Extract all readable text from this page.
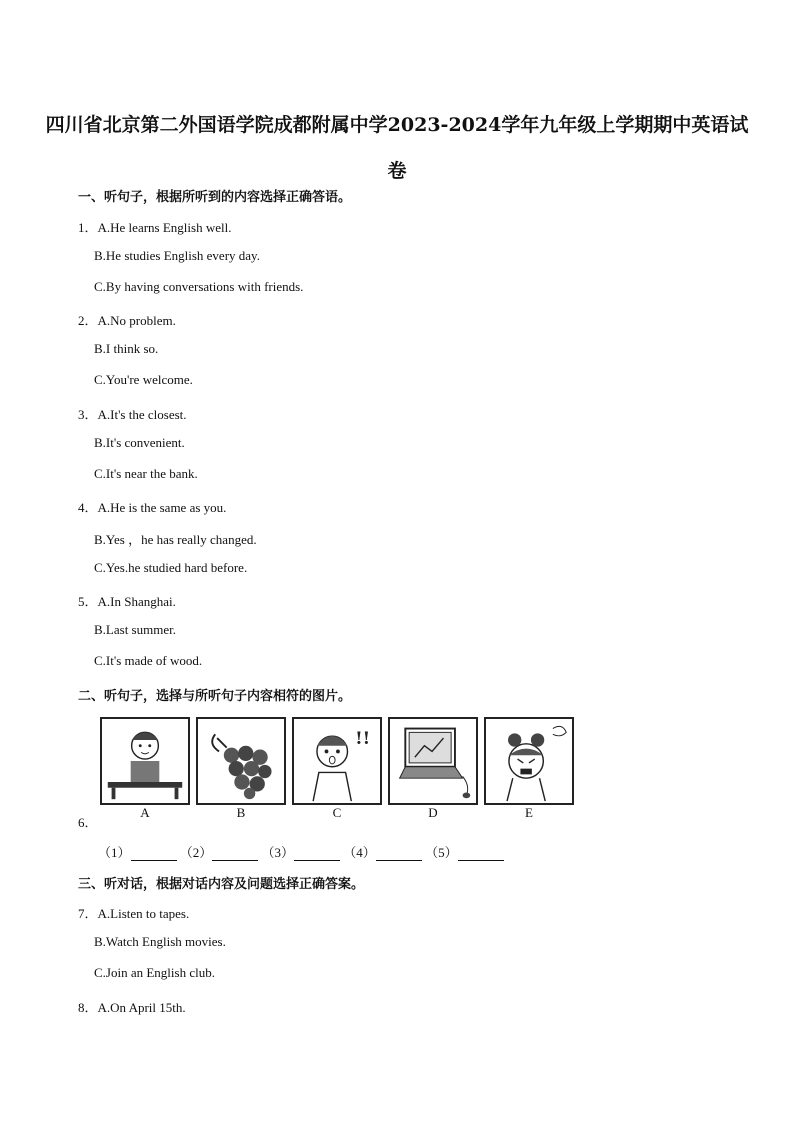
四川省北京第二外国语学院成都附属中学2023-2024学年九年级上学期期中英语试卷
一、听句子，根据所听到的内容选择正确答语。
1．A.He learns English well.
B.He studies English every day.
C.By having conversations with friends.
2．A.No problem.
B.I think so.
C.You're welcome.
3．A.It's the closest.
B.It's convenient.
C.It's near the bank.
4．A.He is the same as you.
B.Yes ，he has really changed.
C.Yes.he studied hard before.
5．A.In Shanghai.
B.Last summer.
C.It's made of wood.
二、听句子，选择与所听句子内容相符的图片。
A	B
!!
C	D	E
6．
（1）	（2）	（3）	（4）	（5）
三、听对话，根据对话内容及问题选择正确答案。
7．A.Listen to tapes.
B.Watch English movies.
C.Join an English club.
8．A.On April 15th.
